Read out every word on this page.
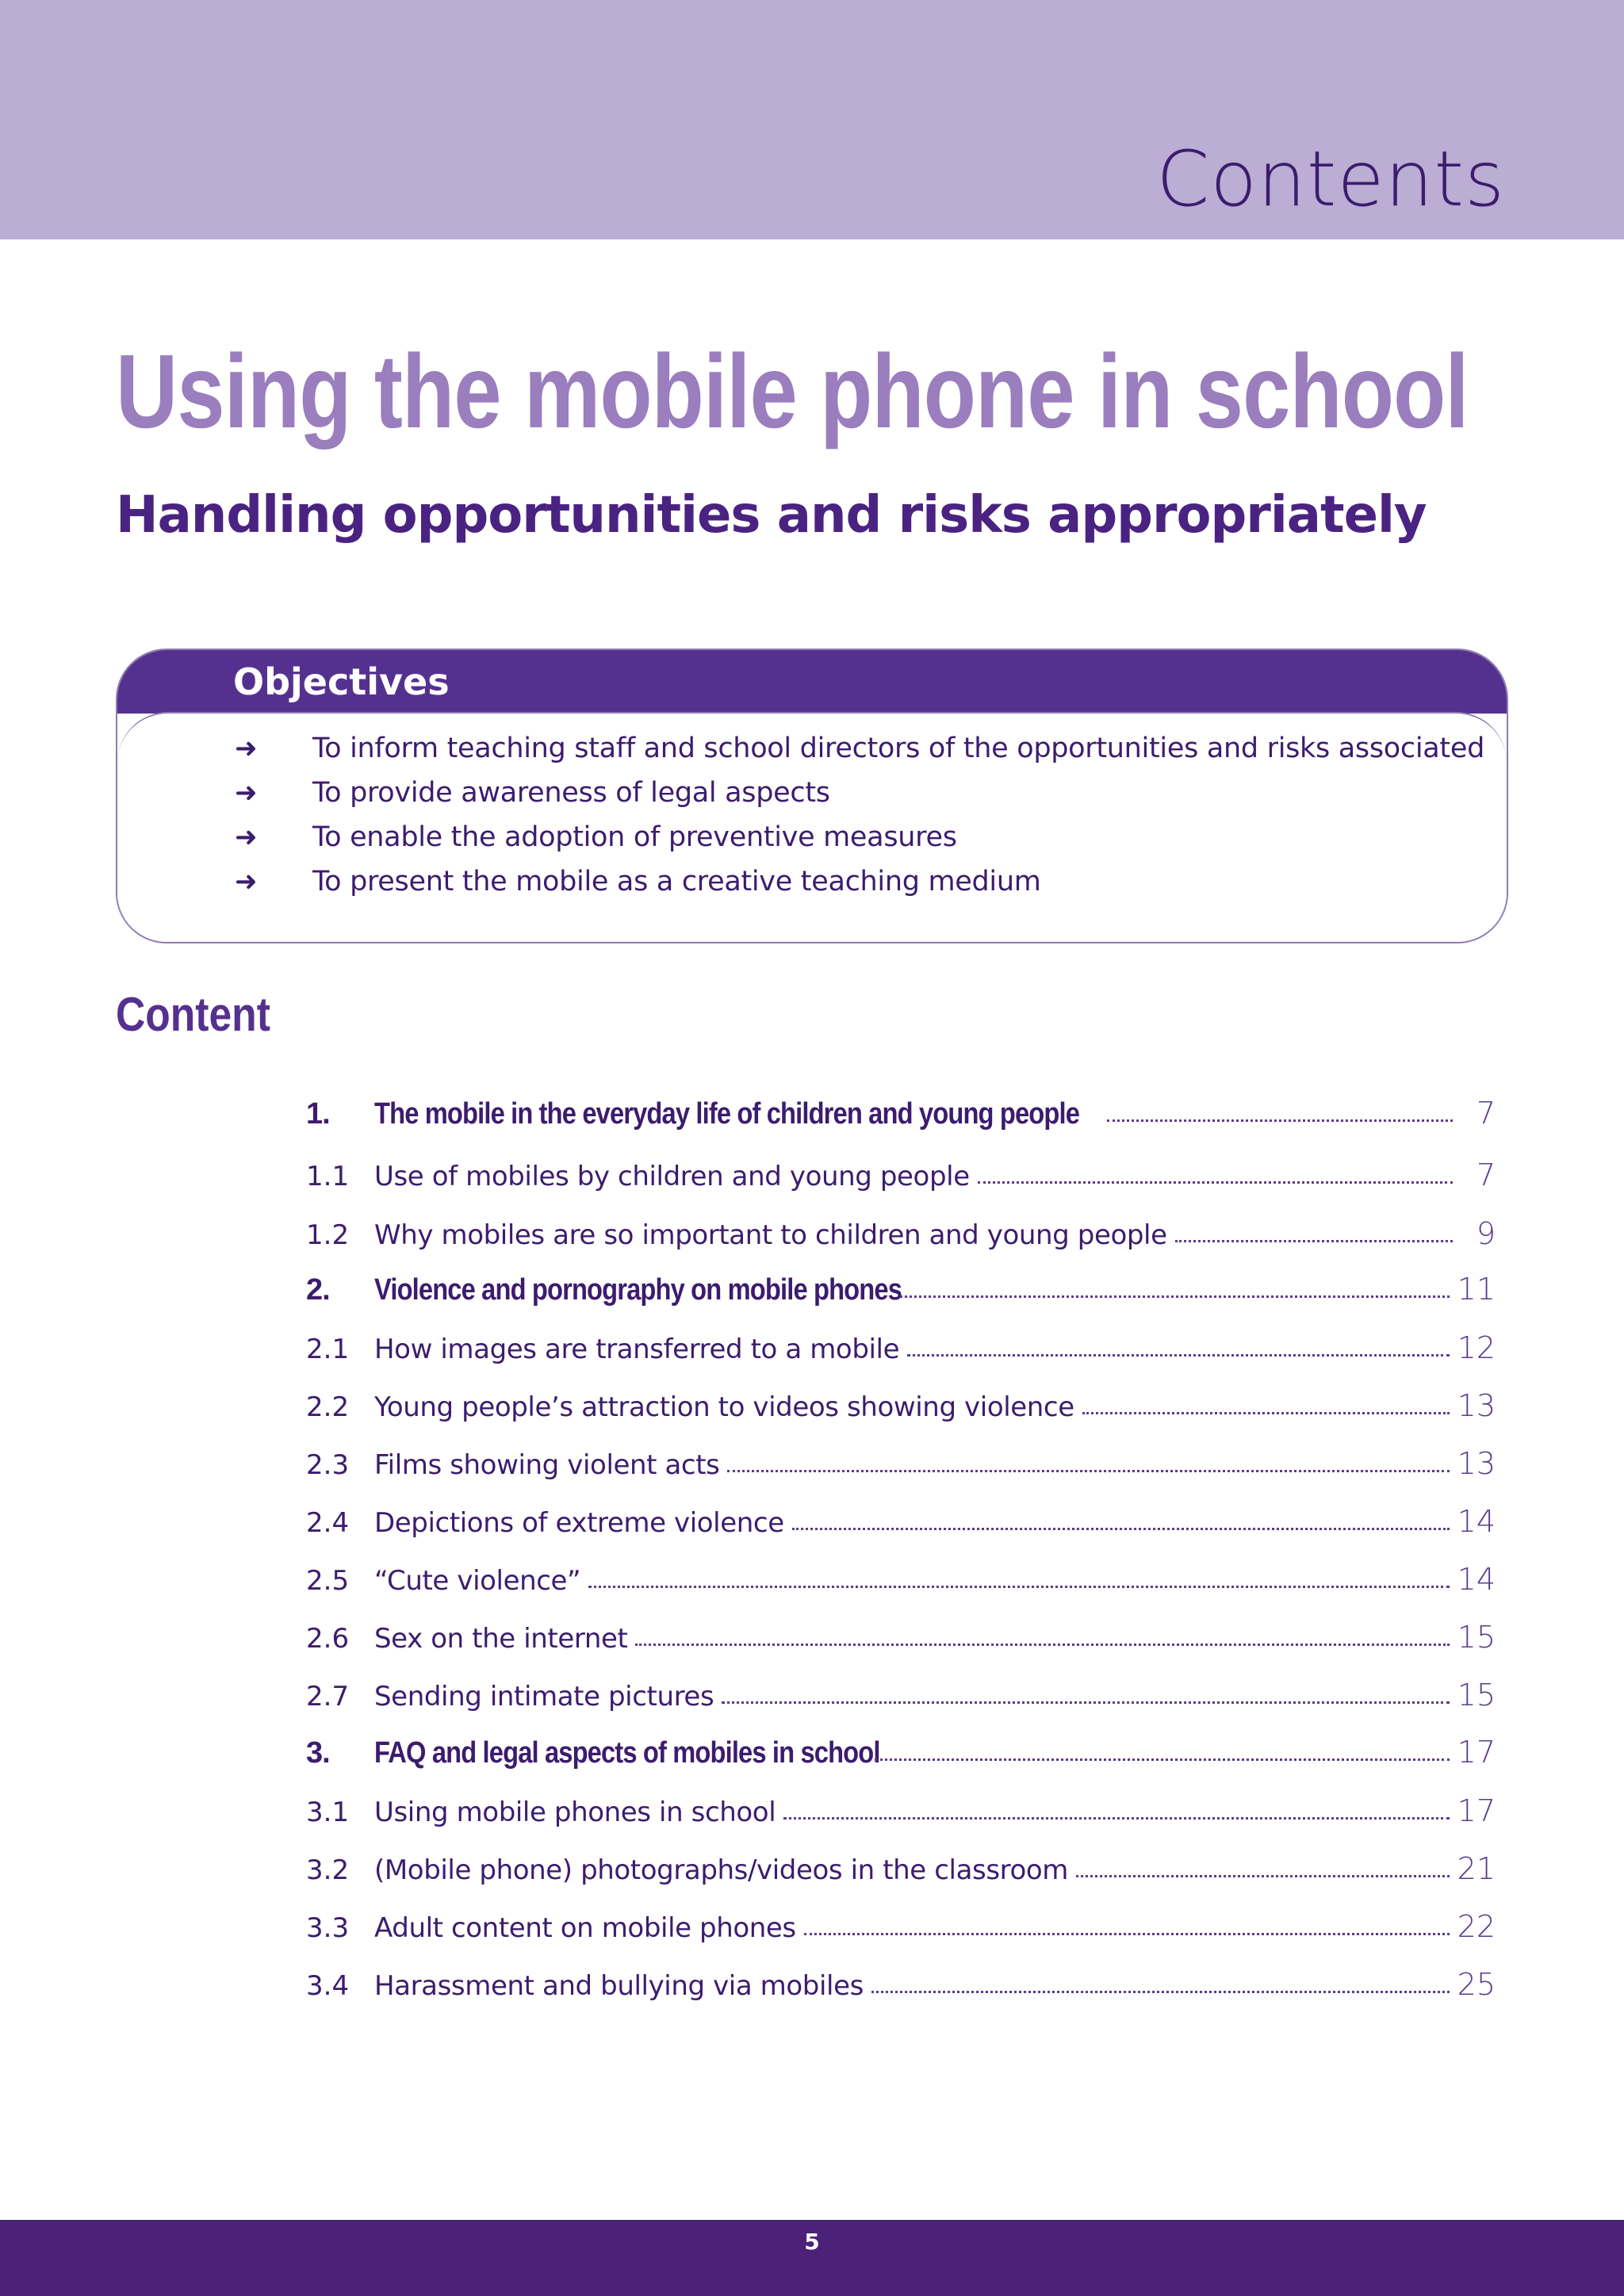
Contents
Using the mobile phone in school
Handling opportunities and risks appropriately
Objectives
➜ To inform teaching staff and school directors of the opportunities and risks associated
➜ To provide awareness of legal aspects
➜ To enable the adoption of preventive measures
➜ To present the mobile as a creative teaching medium
Content
1.	The mobile in the everyday life of children and young people	7
1.1 Use of mobiles by children and young people	7
1.2 Why mobiles are so important to children and young people	9
2.	Violence and pornography on mobile phones	11
2.1 How images are transferred to a mobile	12
2.2 Young people’s attraction to videos showing violence	13
2.3 Films showing violent acts	13
2.4 Depictions of extreme violence	14
2.5 “Cute violence”	14
2.6 Sex on the internet	15
2.7 Sending intimate pictures	15
3.	FAQ and legal aspects of mobiles in school	17
3.1 Using mobile phones in school	17
3.2 (Mobile phone) photographs/videos in the classroom	21
3.3 Adult content on mobile phones	22
3.4 Harassment and bullying via mobiles	25
5
